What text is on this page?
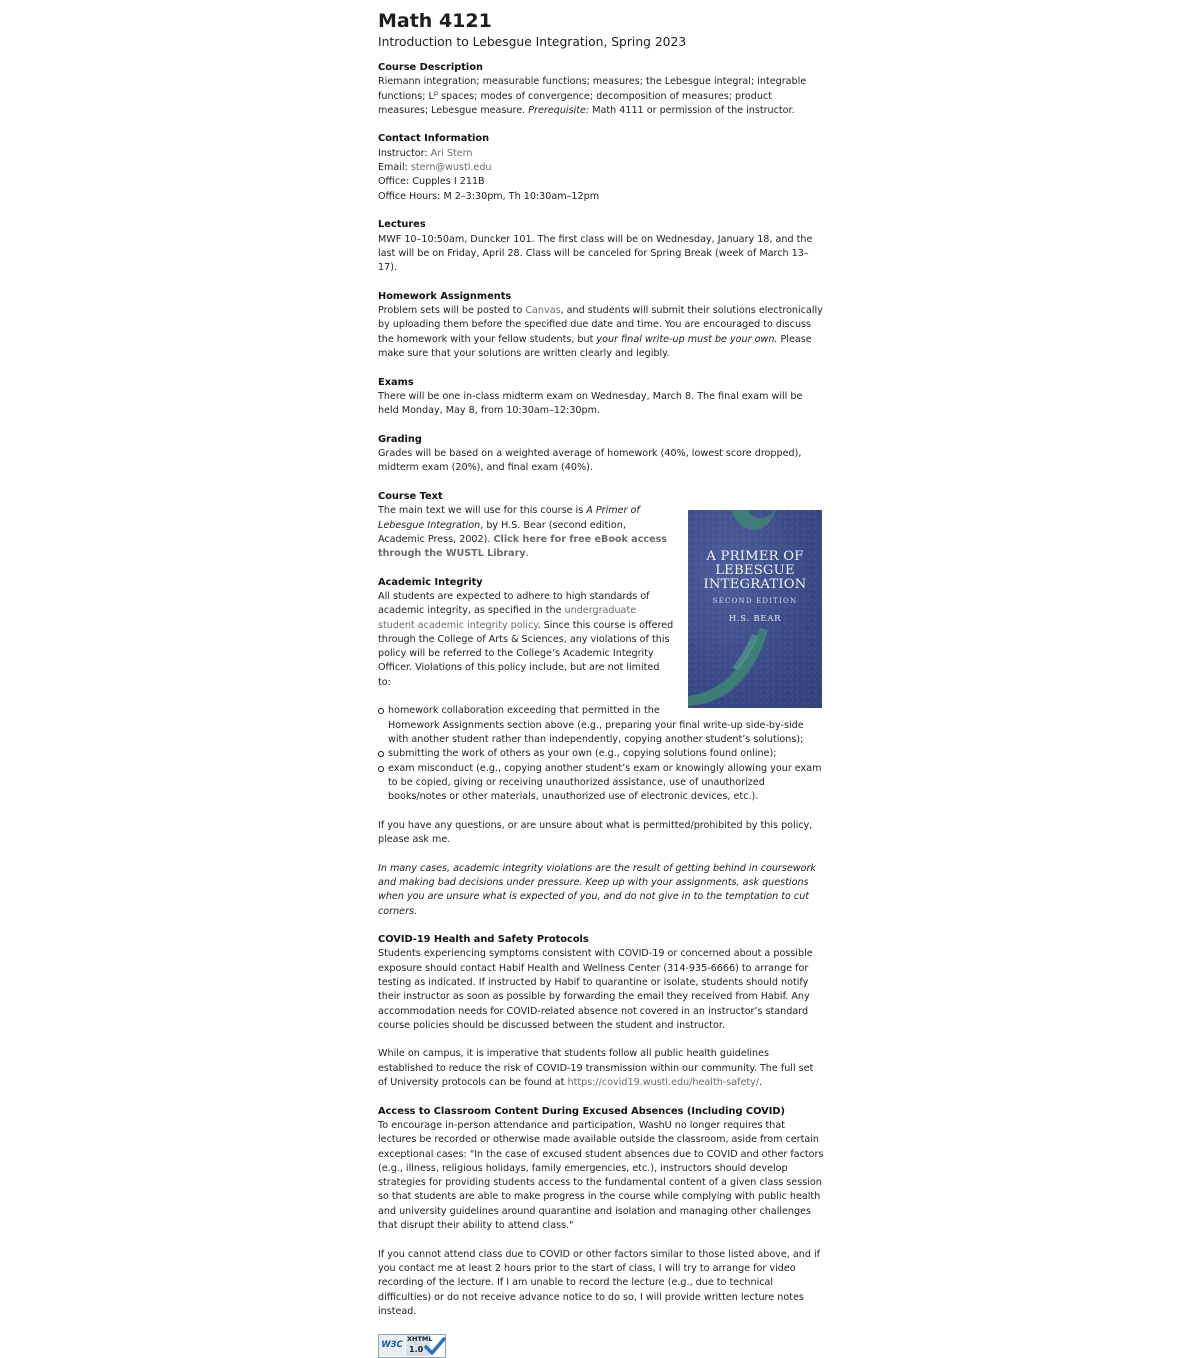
Math 4121

Introduction to Lebesgue Integration, Spring 2023

Course Description

Riemann integration; measurable functions; measures; the Lebesgue integral; integrable functions; $L^p$ spaces; modes of convergence; decomposition of measures; product measures; Lebesgue measure. Prerequisite: Math 4111 or permission of the instructor.

Contact Information

Instructor: Ari Stern

Email: stern@wustl.edu

Office: Cupples I 211B

Office Hours: M 2–3:30pm, Th 10:30am–12pm

Lectures

MWF 10–10:50am, Duncker 101. The first class will be on Wednesday, January 18, and the last will be on Friday, April 28. Class will be canceled for Spring Break (week of March 13–17).

Homework Assignments

Problem sets will be posted to Canvas, and students will submit their solutions electronically by uploading them before the specified due date and time. You are encouraged to discuss the homework with your fellow students, but your final write-up must be your own. Please make sure that your solutions are written clearly and legibly.

Exams

There will be one in-class midterm exam on Wednesday, March 8. The final exam will be held Monday, May 8, from 10:30am–12:30pm.

Grading

Grades will be based on a weighted average of homework (40%, lowest score dropped), midterm exam (20%), and final exam (40%).

Course Text
A PRIMER OF LEBESGUE INTEGRATION
SECOND EDITION
H.S. BEAR

The main text we will use for this course is A Primer of Lebesgue Integration, by H.S. Bear (second edition, Academic Press, 2002). Click here for free eBook access through the WUSTL Library.

Academic Integrity

All students are expected to adhere to high standards of academic integrity, as specified in the undergraduate student academic integrity policy. Since this course is offered through the College of Arts & Sciences, any violations of this policy will be referred to the College’s Academic Integrity Officer. Violations of this policy include, but are not limited to:

homework collaboration exceeding that permitted in the Homework Assignments section above (e.g., preparing your final write-up side-by-side with another student rather than independently, copying another student’s solutions);
submitting the work of others as your own (e.g., copying solutions found online);
exam misconduct (e.g., copying another student’s exam or knowingly allowing your exam to be copied, giving or receiving unauthorized assistance, use of unauthorized books/notes or other materials, unauthorized use of electronic devices, etc.).

If you have any questions, or are unsure about what is permitted/prohibited by this policy, please ask me.

In many cases, academic integrity violations are the result of getting behind in coursework and making bad decisions under pressure. Keep up with your assignments, ask questions when you are unsure what is expected of you, and do not give in to the temptation to cut corners.

COVID-19 Health and Safety Protocols

Students experiencing symptoms consistent with COVID-19 or concerned about a possible exposure should contact Habif Health and Wellness Center (314-935-6666) to arrange for testing as indicated. If instructed by Habif to quarantine or isolate, students should notify their instructor as soon as possible by forwarding the email they received from Habif. Any accommodation needs for COVID-related absence not covered in an instructor’s standard course policies should be discussed between the student and instructor.

While on campus, it is imperative that students follow all public health guidelines established to reduce the risk of COVID-19 transmission within our community. The full set of University protocols can be found at https://covid19.wustl.edu/health-safety/.

Access to Classroom Content During Excused Absences (Including COVID)

To encourage in-person attendance and participation, WashU no longer requires that lectures be recorded or otherwise made available outside the classroom, aside from certain exceptional cases: "In the case of excused student absences due to COVID and other factors (e.g., illness, religious holidays, family emergencies, etc.), instructors should develop strategies for providing students access to the fundamental content of a given class session so that students are able to make progress in the course while complying with public health and university guidelines around quarantine and isolation and managing other challenges that disrupt their ability to attend class."

If you cannot attend class due to COVID or other factors similar to those listed above, and if you contact me at least 2 hours prior to the start of class, I will try to arrange for video recording of the lecture. If I am unable to record the lecture (e.g., due to technical difficulties) or do not receive advance notice to do so, I will provide written lecture notes instead.

W3C
XHTML
1.0
